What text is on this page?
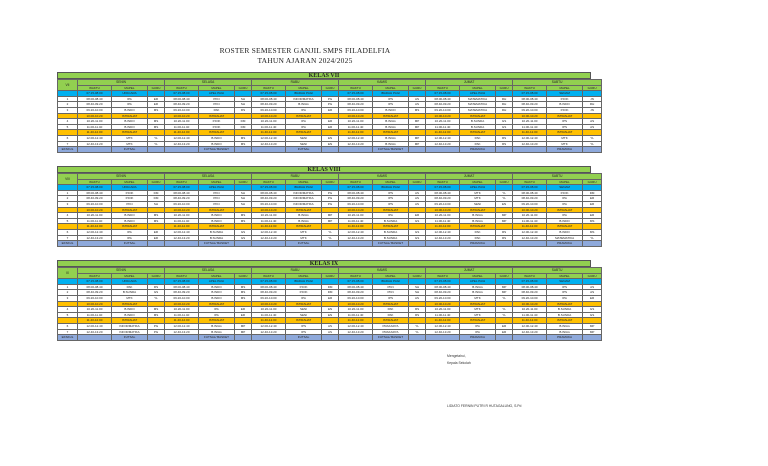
ROSTER SEMESTER GANJIL SMPS FILADELFIA
TAHUN AJARAN 2024/2025
KELAS VII
VII	SENIN			SELASA			RABU			KAMIS			JUMAT			SABTU		
	WAKTU	MAPEL	GURU	WAKTU	MAPEL	GURU	WAKTU	MAPEL	GURU	WAKTU	MAPEL	GURU	WAKTU	MAPEL	GURU	WAKTU	MAPEL	GURU
	07.15-08.00	UPACARA		07.15-08.00	APEL PAGI		07.15-08.00	IBADAH PAGI		07.15-08.00	IBADAH PAGI		07.15-08.00	APEL PAGI		07.15-08.00	SENAM	
1	08.00-08.40	IPA	ER	08.00-08.40	PKN	SH	08.00-08.40	INFORMATIKA	PG	08.00-08.40	IPS	AS	08.00-08.40	MATEMATIKA	RH	08.00-08.40	PJOK	JN
2	08.40-09.20	IPA	ER	08.40-09.20	PKN	SH	08.40-09.20	B.INGG	PG	08.40-09.20	IPS	AS	08.40-09.20	MATEMATIKA	RH	08.40-09.20	B.INDO	RH
3	09.20-10.00	B.INDO	MS	09.20-10.00	PAK	RS	09.20-10.00	IPA	ER	09.20-10.00	B.INDO	MS	09.20-10.00	MATEMATIKA	RH	09.20-10.00	PJOK	JN
	10.00-10.20	ISTIRAHAT		10.00-10.20	ISTIRAHAT		10.00-10.20	ISTIRAHAT		10.00-10.20	ISTIRAHAT		10.00-10.20	ISTIRAHAT		10.00-10.20	ISTIRAHAT	
4	10.20-11.00	B.INDO	MS	10.20-11.00	PJOK	DM	10.20-11.00	IPA	ER	10.20-11.00	B.INGG	MP	10.20-11.00	B.SUNDA	GS	10.20-11.00	IPS	AS
5	11.00-11.40	B.INDO	MS	11.00-11.40	PJOK	DM	11.00-11.40	IPA	ER	11.00-11.40	B.INGG	MP	11.00-11.40	B.SUNDA	GS	11.00-11.40	IPS	AS
	11.40-12.00	ISTIRAHAT		11.40-12.00	ISTIRAHAT		11.40-12.00	ISTIRAHAT		11.40-12.00	ISTIRAHAT		11.40-12.00	ISTIRAHAT		11.40-12.00	ISTIRAHAT	
6	12.00-12.40	MTK	YL	12.00-12.40	B.INDO	MS	12.00-12.40	SENI	EN	12.00-12.40	B.INGG	MP	12.00-12.40	PAK	RS	12.00-12.40	MTK	YL
7	12.40-13.20	MTK	YL	12.40-13.20	B.INDO	MS	12.40-13.20	SENI	EN	12.40-13.20	B.INGG	MP	12.40-13.20	PAK	RS	12.40-13.20	MTK	YL
EKSKUL		FUTSAL			FUTSAL/ BASKET			FUTSAL			FUTSAL/ BASKET			PRAMUKA			PRAMUKA	
KELAS VIII
VIII	SENIN			SELASA			RABU			KAMIS			JUMAT			SABTU		
	WAKTU	MAPEL	GURU	WAKTU	MAPEL	GURU	WAKTU	MAPEL	GURU	WAKTU	MAPEL	GURU	WAKTU	MAPEL	GURU	WAKTU	MAPEL	GURU
	07.15-08.00	UPACARA		07.15-08.00	APEL PAGI		07.15-08.00	IBADAH PAGI		07.15-08.00	IBADAH PAGI		07.15-08.00	APEL PAGI		07.15-08.00	SENAM	
1	08.00-08.40	PJOK	DM	08.00-08.40	PKN	SH	08.00-08.40	INFORMATIKA	PG	08.00-08.40	IPS	AS	08.00-08.40	MTK	YL	08.00-08.40	PJOK	DM
2	08.40-09.20	PJOK	DM	08.40-09.20	PKN	SH	08.40-09.20	INFORMATIKA	PG	08.40-09.20	IPS	AS	08.40-09.20	MTK	YL	08.40-09.20	IPA	ER
3	09.20-10.00	PKN	SH	09.20-10.00	PKN	SH	09.20-10.00	INFORMATIKA	PG	09.20-10.00	IPS	AS	09.20-10.00	SENI	EN	09.20-10.00	IPA	ER
	10.00-10.20	ISTIRAHAT		10.00-10.20	ISTIRAHAT		10.00-10.20	ISTIRAHAT		10.00-10.20	ISTIRAHAT		10.00-10.20	ISTIRAHAT		10.00-10.20	ISTIRAHAT	
4	10.20-11.00	B.INDO	MS	10.20-11.00	B.INDO	MS	10.20-11.00	B.INGG	MP	10.20-11.00	IPA	ER	10.20-11.00	B.INGG	MP	10.20-11.00	IPA	ER
5	11.00-11.40	B.INDO	MS	11.00-11.40	B.INDO	MS	11.00-11.40	B.INGG	MP	11.00-11.40	B.SUNDA	GS	11.00-11.40	B.INGG	MP	11.00-11.40	B.INDO	MS
	11.40-12.00	ISTIRAHAT		11.40-12.00	ISTIRAHAT		11.40-12.00	ISTIRAHAT		11.40-12.00	ISTIRAHAT		11.40-12.00	ISTIRAHAT		11.40-12.00	ISTIRAHAT	
6	12.00-12.40	IPA	ER	12.00-12.40	B.SUNDA	GS	12.00-12.40	MTK	YL	12.00-12.40	B.SUNDA	GS	12.00-12.40	PAK	RS	12.00-12.40	B.INDO	MS
7	12.40-13.20	IPA	ER	12.40-13.20	B.SUNDA	GS	12.40-13.20	MTK	YL	12.40-13.20	B.SUNDA	GS	12.40-13.20	PAK	RS	12.40-13.20	MATEMATIKA	YL
EKSKUL		FUTSAL			FUTSAL/ BASKET			FUTSAL			FUTSAL/ BASKET			PRAMUKA			PRAMUKA	
KELAS IX
IX	SENIN			SELASA			RABU			KAMIS			JUMAT			SABTU		
	WAKTU	MAPEL	GURU	WAKTU	MAPEL	GURU	WAKTU	MAPEL	GURU	WAKTU	MAPEL	GURU	WAKTU	MAPEL	GURU	WAKTU	MAPEL	GURU
	07.15-08.00	UPACARA		07.15-08.00	APEL PAGI		07.15-08.00	IBADAH PAGI		07.15-08.00	IBADAH PAGI		07.15-08.00	APEL PAGI		07.15-08.00	SENAM	
1	08.00-08.40	PAK	RS	08.00-08.40	B.INDO	MS	08.00-08.40	PJOK	DM	08.00-08.40	PKN	SH	08.00-08.40	B.INGG	MP	08.00-08.40	IPS	AS
2	08.40-09.20	B.SUNDA	GS	08.40-09.20	B.INDO	MS	08.40-09.20	PJOK	DM	08.40-09.20	PKN	SH	08.40-09.20	B.INGG	MP	08.40-09.20	IPS	AS
3	09.20-10.00	MTK	YL	09.20-10.00	B.INDO	MS	09.20-10.00	IPA	ER	09.20-10.00	IPS	AS	09.20-10.00	MTK	YL	09.20-10.00	IPA	ER
	10.00-10.20	ISTIRAHAT		10.00-10.20	ISTIRAHAT		10.00-10.20	ISTIRAHAT		10.00-10.20	ISTIRAHAT		10.00-10.20	ISTIRAHAT		10.00-10.20	ISTIRAHAT	
4	10.20-11.00	B.INDO	MS	10.20-11.00	IPA	ER	10.20-11.00	SENI	EN	10.20-11.00	PAK	RS	10.20-11.00	MTK	YL	10.20-11.00	B.SUNDA	GS
5	11.00-11.40	B.INDO	MS	11.00-11.40	IPA	ER	11.00-11.40	SENI	EN	11.00-11.40	PAK	RS	11.00-11.40	MTK	YL	11.00-11.40	B.SUNDA	GS
	11.40-12.00	ISTIRAHAT		11.40-12.00	ISTIRAHAT		11.40-12.00	ISTIRAHAT		11.40-12.00	ISTIRAHAT		11.40-12.00	ISTIRAHAT		11.40-12.00	ISTIRAHAT	
6	12.00-12.40	INFORMATIKA	PG	12.00-12.40	B.INGG	MP	12.00-12.40	IPS	AS	12.00-12.40	PRAKARYA	YL	12.00-12.40	IPA	ER	12.00-12.40	B.INGG	MP
7	12.40-13.20	INFORMATIKA	PG	12.40-13.20	B.INGG	MP	12.40-13.20	IPS	AS	12.40-13.20	PRAKARYA	YL	12.40-13.20	IPA	ER	12.40-13.20	B.INGG	MP
EKSKUL		FUTSAL			FUTSAL/ BASKET			FUTSAL			FUTSAL/ BASKET			PRAMUKA			PRAMUKA	
Mengetahui,
Kepala Sekolah
LIDIATO FERNIN PUTRI R HUTAGALUNG, S.Pd
